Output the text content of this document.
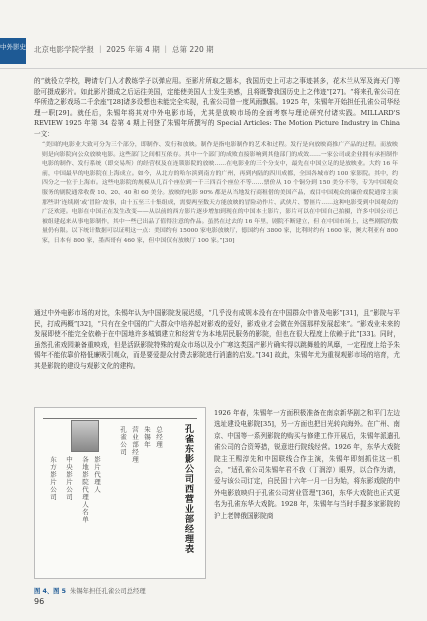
中外影史 北京电影学院学报 ｜ 2025 年第 4 期 ｜ 总第 220 期

的“就役立学校，聘请专门人才教练学子以弹应用。至影片所取之题本，我国历史上可志之事迹甚多，花木兰从军及海天门等脍可摄成影片。如此影片摄成之后运往美国，定能使美国人士发生美感，且将既警我国历史上之伟迹”[27]。“将来孔雀公司在华所造之影戏场二千余座”[28]诸多设想也未能完全实现，孔雀公司曾一度风雨飘摇。1925 年，朱锡年开始担任孔雀公司华经理一职[29]。就任后，朱锡年将其对中外电影市场，尤其是放映市场的全面考察与理论研究付诸实践。MILLARD'S REVIEW 1925 年第 34 卷第 4 期上刊登了朱锡年所撰写的 Special Articles: The Motion Picture Industry in China 一文：

“美国的电影业大致可分为三个部分，即制作、发行和放映。制作是指电影制作的艺术和过程。发行是向放映商推广产品的过程。而放映则是向影院向公众放映电影。这些部门之间相互依存。其中一个部门的成败直接影响到其他部门的成效……一家公司或企业拥有承担制作电影的制作、发行系统（即交易所）的经营权及在连锁影院的放映……在电影业的三个分支中，最先在中国立足的是放映业。大约 16 年前，中国最早的电影院在上海成立。如今，从北方的哈尔滨到南方的广州，再到内陆的四川成都，全国各城市约 100 家影院。其中，约四分之一位于上海市。这些电影院的规模从几百个座位到一千三四百个座位不等……票价从 10 个铜分到 150 美分不等，专为中国观众服务的剧院通常收费 10、20、40 和 60 美分。放映的电影 90% 都是从当地发行商租借的美国产品，戏目中国观众的廉价戏院通常主演那些讲‘连续剧’或‘冒险’故事，由十五至三十集组成，需要两至数天方能放映的冒险动作片、武侠片、警匪片……这种电影受到中国观众的广泛欢迎。电影在中国正在发生改变——从以前的西方影片逐步增加到现在的中国本土影片，影片可以在中国自己拍摄，许多中国公司已被组建起来从事电影制作，其中一些已出品了值得注意的作品。虽然在过去的 16 年里，剧院不断建立，但 在中国市场上，这些剧院的数量仍有限。以下统计数据可以证明这一点：美国约有 15000 家电影放映厅，德国约有 3800 家，比利时约有 1600 家，澳大利亚有 800 家，日本有 800 家，墨西哥有 460 家，但中国仅有放映厅 100 家。”[30]

通过中外电影市场的对比，朱锡年认为中国影院发展迟缓，“几乎没有成规本没有在中国群众中普及电影”[31]，且“影院与平民，打成两概”[32]，“只有在全中国的广大群众中培养起对影戏的爱好，影戏业才会微在外国那样发展起来”。“影戏业未来的发展即使不能完全依赖于在中国地许多城镇建立和经营专为本地居民服务的影院，但也在很大程度上依赖于此”[33]。同时，虽然孔雀戏园兼备重映戏，但是活跃影院特殊的观众市场以及小广寒这类国产影片确实得以跳舞般的风靡，一定程度上给予朱锡年不能依靠价格低廉吸引观众，而是要爱提众付费去影院进行消遣的启发。”[34] 故此，朱锡年尤为重视观影市场的培育，尤其是影院的建设与观影文化的建构。

孔雀东影公司西营业部经理表
总经理
朱锡年
营业部经理
孔雀公司
影片代理人
各地影院代理人名单
中央影片公司
东方影片公司
图 4、图 5 朱锡年担任孔雀公司总经理

1926 年春，朱锡年一方面积极准备在南京新华剧之和平门左边选址建设电影院[35]，另一方面也把目光转向海外。在广州、南京、中国等一系列影院的购买与修建工作开展后，朱锡年派遣孔雀公司的合资筹措，锐意进行院线经营。1926 年，东华大戏院院主王赐淳先和中国联线合作主演，朱锡年即刻抓住这一机会，“适孔雀公司朱锡年君不我（丁润淳）眼界，以合作为请，爱与该公司订定，自民国十六年一月一日为始，将东影戏院的中外电影放映归于孔雀公司营业管理”[36]，东华大戏院也正式更名为孔雀东华大戏院。1928 年，朱锡年与当时手握多家影院的沪上老牌俄国影院商

96
